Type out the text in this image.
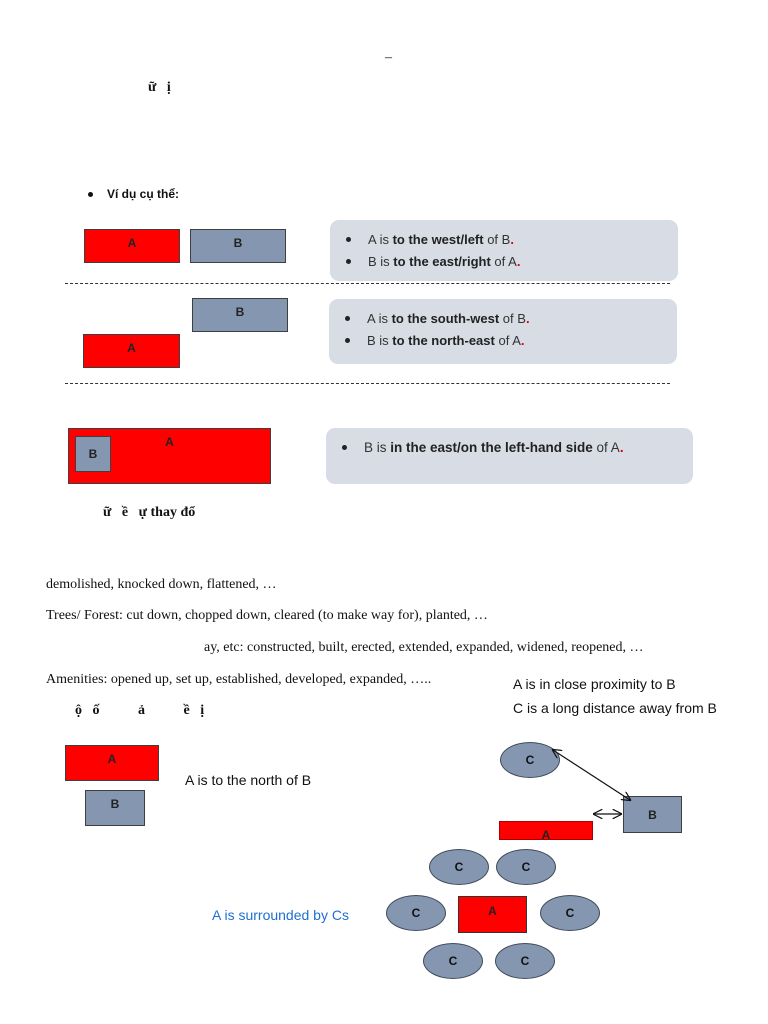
–
ữ   ị
Ví dụ cụ thể:
A	B	A is to the west/left of B.
B is to the east/right of A.
B
A
A is to the south-west of B.
B is to the north-east of A.
A
B	B is in the east/on the left-hand side of A.
ữ   ề   ự thay đổ
demolished, knocked down, flattened, …
Trees/ Forest: cut down, chopped down, cleared (to make way for), planted, …
ay, etc: constructed, built, erected, extended, expanded, widened, reopened, …
Amenities: opened up, set up, established, developed, expanded, …..	A is in close proximity to B
C is a long distance away from B
ộ   ố           ả           ề   ị
A
B
A is to the north of B
C
B
A
C	C
C	A	C
C	C
A is surrounded by Cs
